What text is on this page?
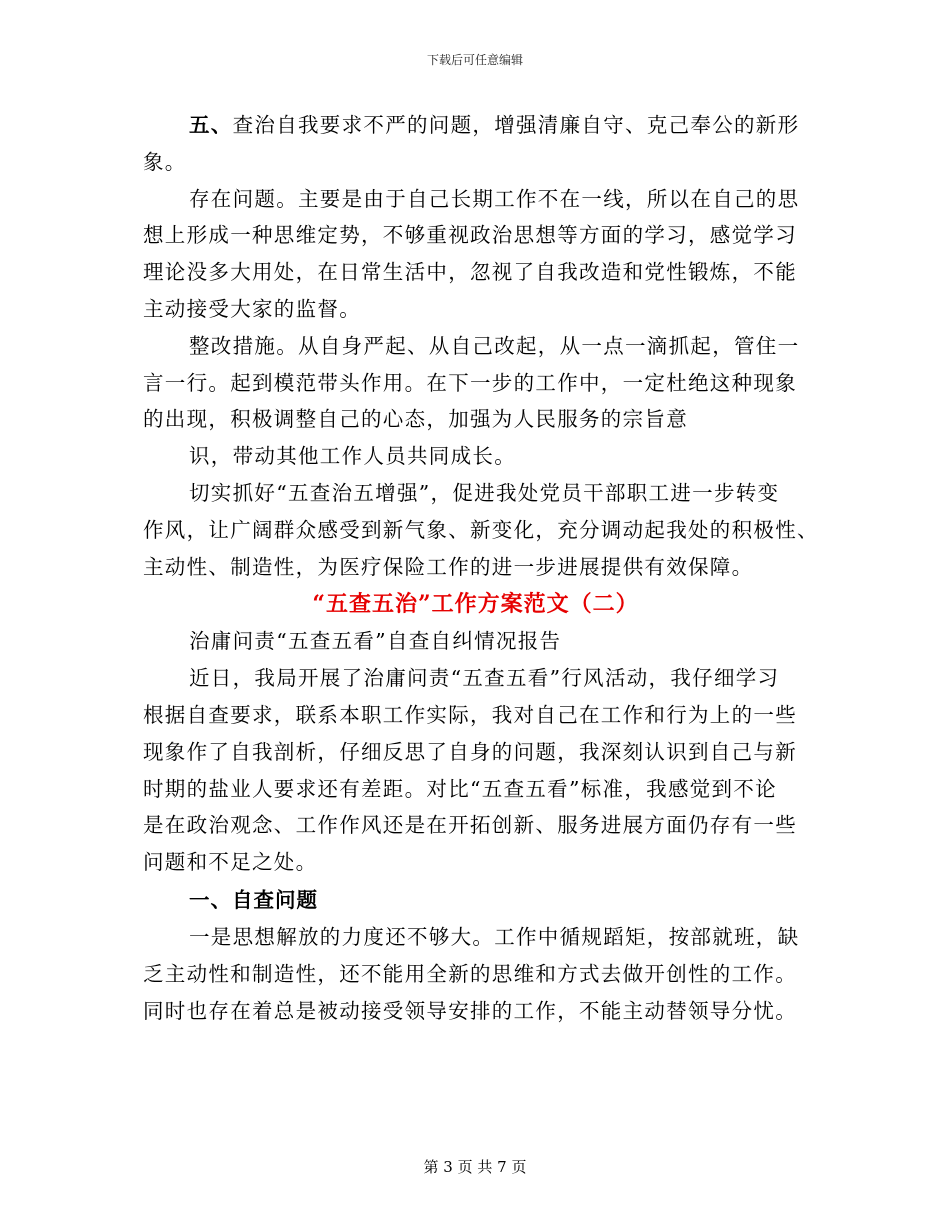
下载后可任意编辑
五、查治自我要求不严的问题，增强清廉自守、克己奉公的新形
象。
存在问题。主要是由于自己长期工作不在一线，所以在自己的思
想上形成一种思维定势，不够重视政治思想等方面的学习，感觉学习
理论没多大用处，在日常生活中，忽视了自我改造和党性锻炼，不能
主动接受大家的监督。
整改措施。从自身严起、从自己改起，从一点一滴抓起，管住一
言一行。起到模范带头作用。在下一步的工作中，一定杜绝这种现象
的出现，积极调整自己的心态，加强为人民服务的宗旨意
识，带动其他工作人员共同成长。
切实抓好“五查治五增强”，促进我处党员干部职工进一步转变
作风，让广阔群众感受到新气象、新变化，充分调动起我处的积极性、
主动性、制造性，为医疗保险工作的进一步进展提供有效保障。
“五查五治”工作方案范文（二）
治庸问责“五查五看”自查自纠情况报告
近日，我局开展了治庸问责“五查五看”行风活动，我仔细学习
根据自查要求，联系本职工作实际，我对自己在工作和行为上的一些
现象作了自我剖析，仔细反思了自身的问题，我深刻认识到自己与新
时期的盐业人要求还有差距。对比“五查五看”标准，我感觉到不论
是在政治观念、工作作风还是在开拓创新、服务进展方面仍存有一些
问题和不足之处。
一、自查问题
一是思想解放的力度还不够大。工作中循规蹈矩，按部就班，缺
乏主动性和制造性，还不能用全新的思维和方式去做开创性的工作。
同时也存在着总是被动接受领导安排的工作，不能主动替领导分忧。
第 3 页 共 7 页
